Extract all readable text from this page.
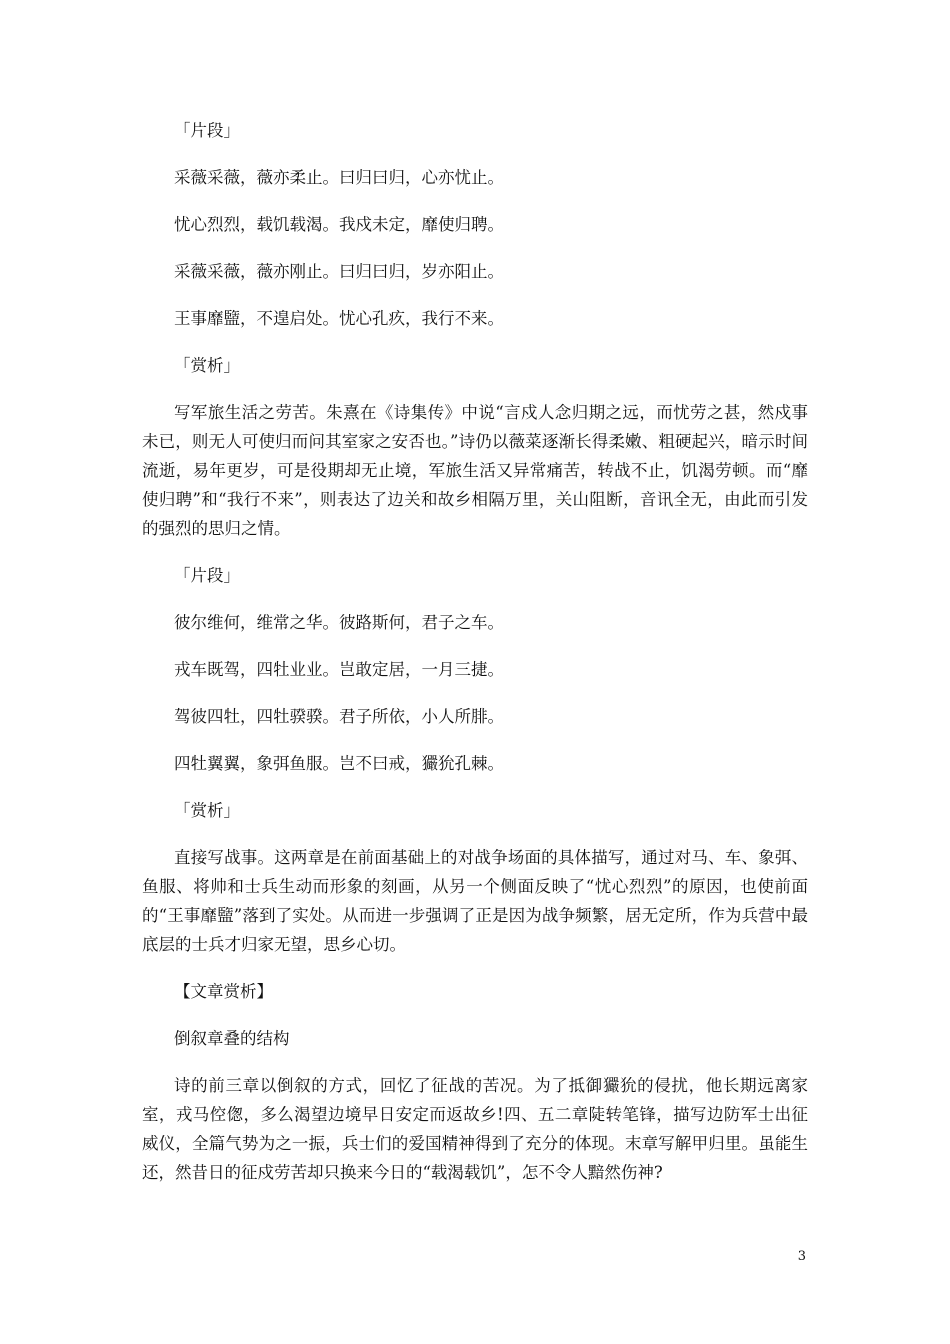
「片段」
采薇采薇，薇亦柔止。曰归曰归，心亦忧止。
忧心烈烈，载饥载渴。我戍未定，靡使归聘。
采薇采薇，薇亦刚止。曰归曰归，岁亦阳止。
王事靡盬，不遑启处。忧心孔疚，我行不来。
「赏析」

写军旅生活之劳苦。朱熹在《诗集传》中说“言戍人念归期之远，而忧劳之甚，然戍事未已，则无人可使归而问其室家之安否也。”诗仍以薇菜逐渐长得柔嫩、粗硬起兴，暗示时间流逝，易年更岁，可是役期却无止境，军旅生活又异常痛苦，转战不止，饥渴劳顿。而“靡使归聘”和“我行不来”，则表达了边关和故乡相隔万里，关山阻断，音讯全无，由此而引发的强烈的思归之情。

「片段」
彼尔维何，维常之华。彼路斯何，君子之车。
戎车既驾，四牡业业。岂敢定居，一月三捷。
驾彼四牡，四牡骙骙。君子所依，小人所腓。
四牡翼翼，象弭鱼服。岂不曰戒，玁狁孔棘。
「赏析」

直接写战事。这两章是在前面基础上的对战争场面的具体描写，通过对马、车、象弭、鱼服、将帅和士兵生动而形象的刻画，从另一个侧面反映了“忧心烈烈”的原因，也使前面的“王事靡盬”落到了实处。从而进一步强调了正是因为战争频繁，居无定所，作为兵营中最底层的士兵才归家无望，思乡心切。

【文章赏析】
倒叙章叠的结构

诗的前三章以倒叙的方式，回忆了征战的苦况。为了抵御玁狁的侵扰，他长期远离家室，戎马倥偬，多么渴望边境早日安定而返故乡!四、五二章陡转笔锋，描写边防军士出征威仪，全篇气势为之一振，兵士们的爱国精神得到了充分的体现。末章写解甲归里。虽能生还，然昔日的征戍劳苦却只换来今日的“载渴载饥”，怎不令人黯然伤神?

3
